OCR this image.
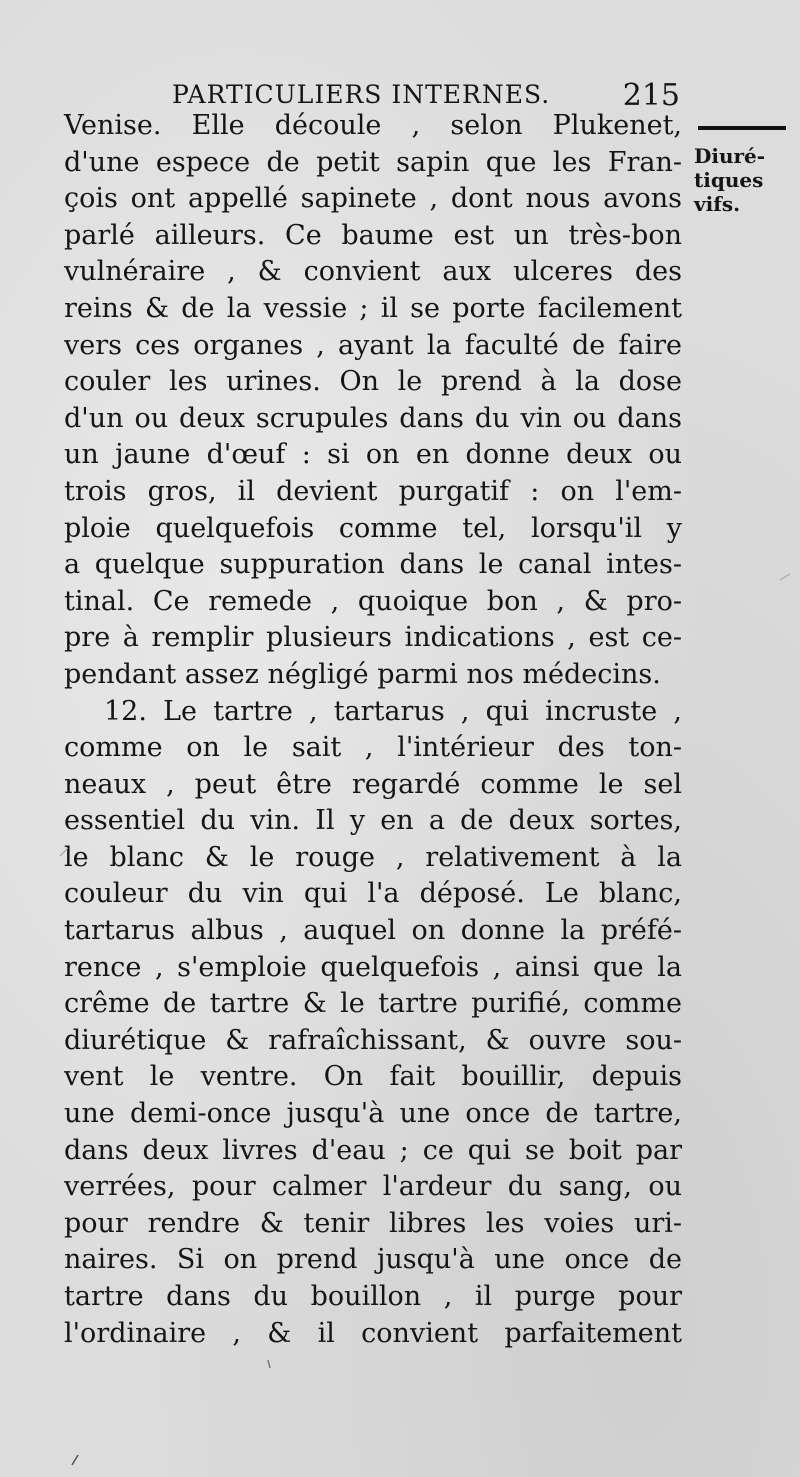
PARTICULIERS INTERNES. 215
Diuré-
tiques
vifs.
Venise. Elle découle , selon Plukenet,
d'une espece de petit sapin que les Fran-
çois ont appellé sapinete , dont nous avons
parlé ailleurs. Ce baume est un très-bon
vulnéraire , & convient aux ulceres des
reins & de la vessie ; il se porte facilement
vers ces organes , ayant la faculté de faire
couler les urines. On le prend à la dose
d'un ou deux scrupules dans du vin ou dans
un jaune d'œuf : si on en donne deux ou
trois gros, il devient purgatif : on l'em-
ploie quelquefois comme tel, lorsqu'il y
a quelque suppuration dans le canal intes-
tinal. Ce remede , quoique bon , & pro-
pre à remplir plusieurs indications , est ce-
pendant assez négligé parmi nos médecins.
12. Le tartre , tartarus , qui incruste ,
comme on le sait , l'intérieur des ton-
neaux , peut être regardé comme le sel
essentiel du vin. Il y en a de deux sortes,
le blanc & le rouge , relativement à la
couleur du vin qui l'a déposé. Le blanc,
tartarus albus , auquel on donne la préfé-
rence , s'emploie quelquefois , ainsi que la
crême de tartre & le tartre purifié, comme
diurétique & rafraîchissant, & ouvre sou-
vent le ventre. On fait bouillir, depuis
une demi-once jusqu'à une once de tartre,
dans deux livres d'eau ; ce qui se boit par
verrées, pour calmer l'ardeur du sang, ou
pour rendre & tenir libres les voies uri-
naires. Si on prend jusqu'à une once de
tartre dans du bouillon , il purge pour
l'ordinaire , & il convient parfaitement
